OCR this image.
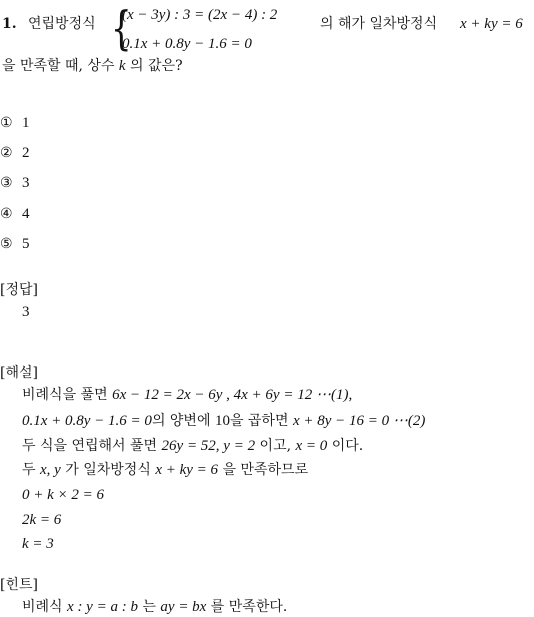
1. 연립방정식 {
(x − 3y) : 3 = (2x − 4) : 2
0.1x + 0.8y − 1.6 = 0
의 해가 일차방정식 x + ky = 6
을 만족할 때, 상수 k 의 값은?
① 1
② 2
③ 3
④ 4
⑤ 5
[정답]
3
[해설]
비례식을 풀면 6x − 12 = 2x − 6y , 4x + 6y = 12 ⋯(1),
0.1x + 0.8y − 1.6 = 0의 양변에 10을 곱하면 x + 8y − 16 = 0 ⋯(2)
두 식을 연립해서 풀면 26y = 52, y = 2 이고, x = 0 이다.
두 x, y 가 일차방정식 x + ky = 6 을 만족하므로
0 + k × 2 = 6
2k = 6
k = 3
[힌트]
비례식 x : y = a : b 는 ay = bx 를 만족한다.
